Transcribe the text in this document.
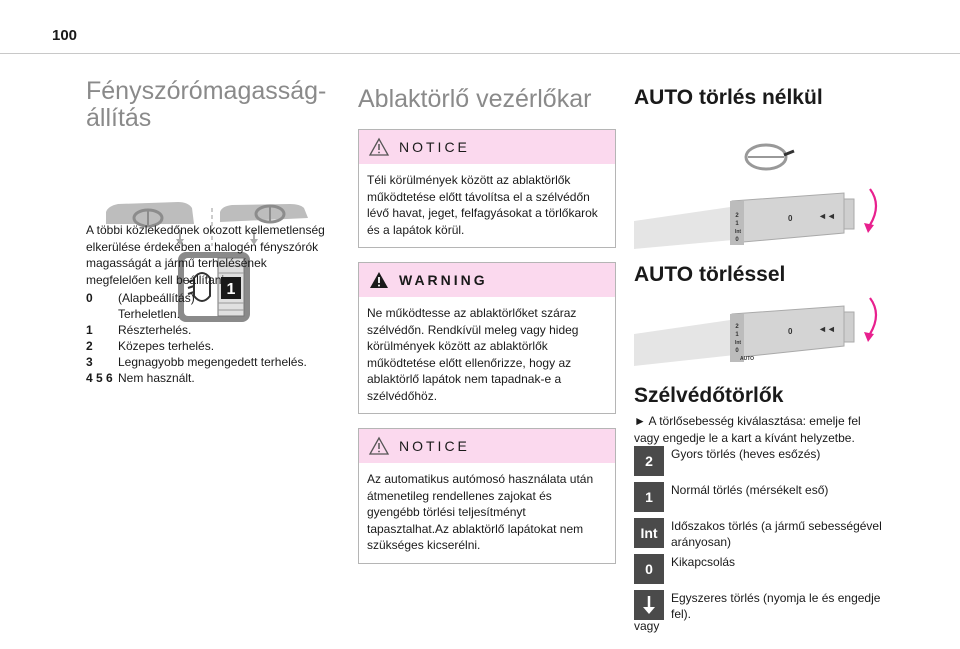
100
Fényszórómagasság-állítás
1

A többi közlekedőnek okozott kellemetlenség elkerülése érdekében a halogén fényszórók magasságát a jármű terhelésének megfelelően kell beállítani.

0	(Alapbeállítás)
Terheletlen.
1	Részterhelés.
2	Közepes terhelés.
3	Legnagyobb megengedett terhelés.
4 5 6 Nem használt.
Ablaktörlő vezérlőkar
NOTICE
Téli körülmények között az ablaktörlők működtetése előtt távolítsa el a szélvédőn lévő havat, jeget, felfagyásokat a törlőkarok és a lapátok körül.
WARNING
Ne működtesse az ablaktörlőket száraz szélvédőn. Rendkívül meleg vagy hideg körülmények között az ablaktörlők működtetése előtt ellenőrizze, hogy az ablaktörlő lapátok nem tapadnak-e a szélvédőhöz.
NOTICE
Az automatikus autómosó használata után átmenetileg rendellenes zajokat és gyengébb törlési teljesítményt tapasztalhat.Az ablaktörlő lapátokat nem szükséges kicserélni.
AUTO törlés nélkül
2
1
Int
0
0	◄◄
AUTO törléssel
2
1
Int
0
AUTO
0	◄◄
Szélvédőtörlők

► A törlősebesség kiválasztása: emelje fel vagy engedje le a kart a kívánt helyzetbe.

2	Gyors törlés (heves esőzés)
1	Normál törlés (mérsékelt eső)
Int	Időszakos törlés (a jármű sebességével arányosan)
0	Kikapcsolás
Egyszeres törlés (nyomja le és engedje fel).
vagy
